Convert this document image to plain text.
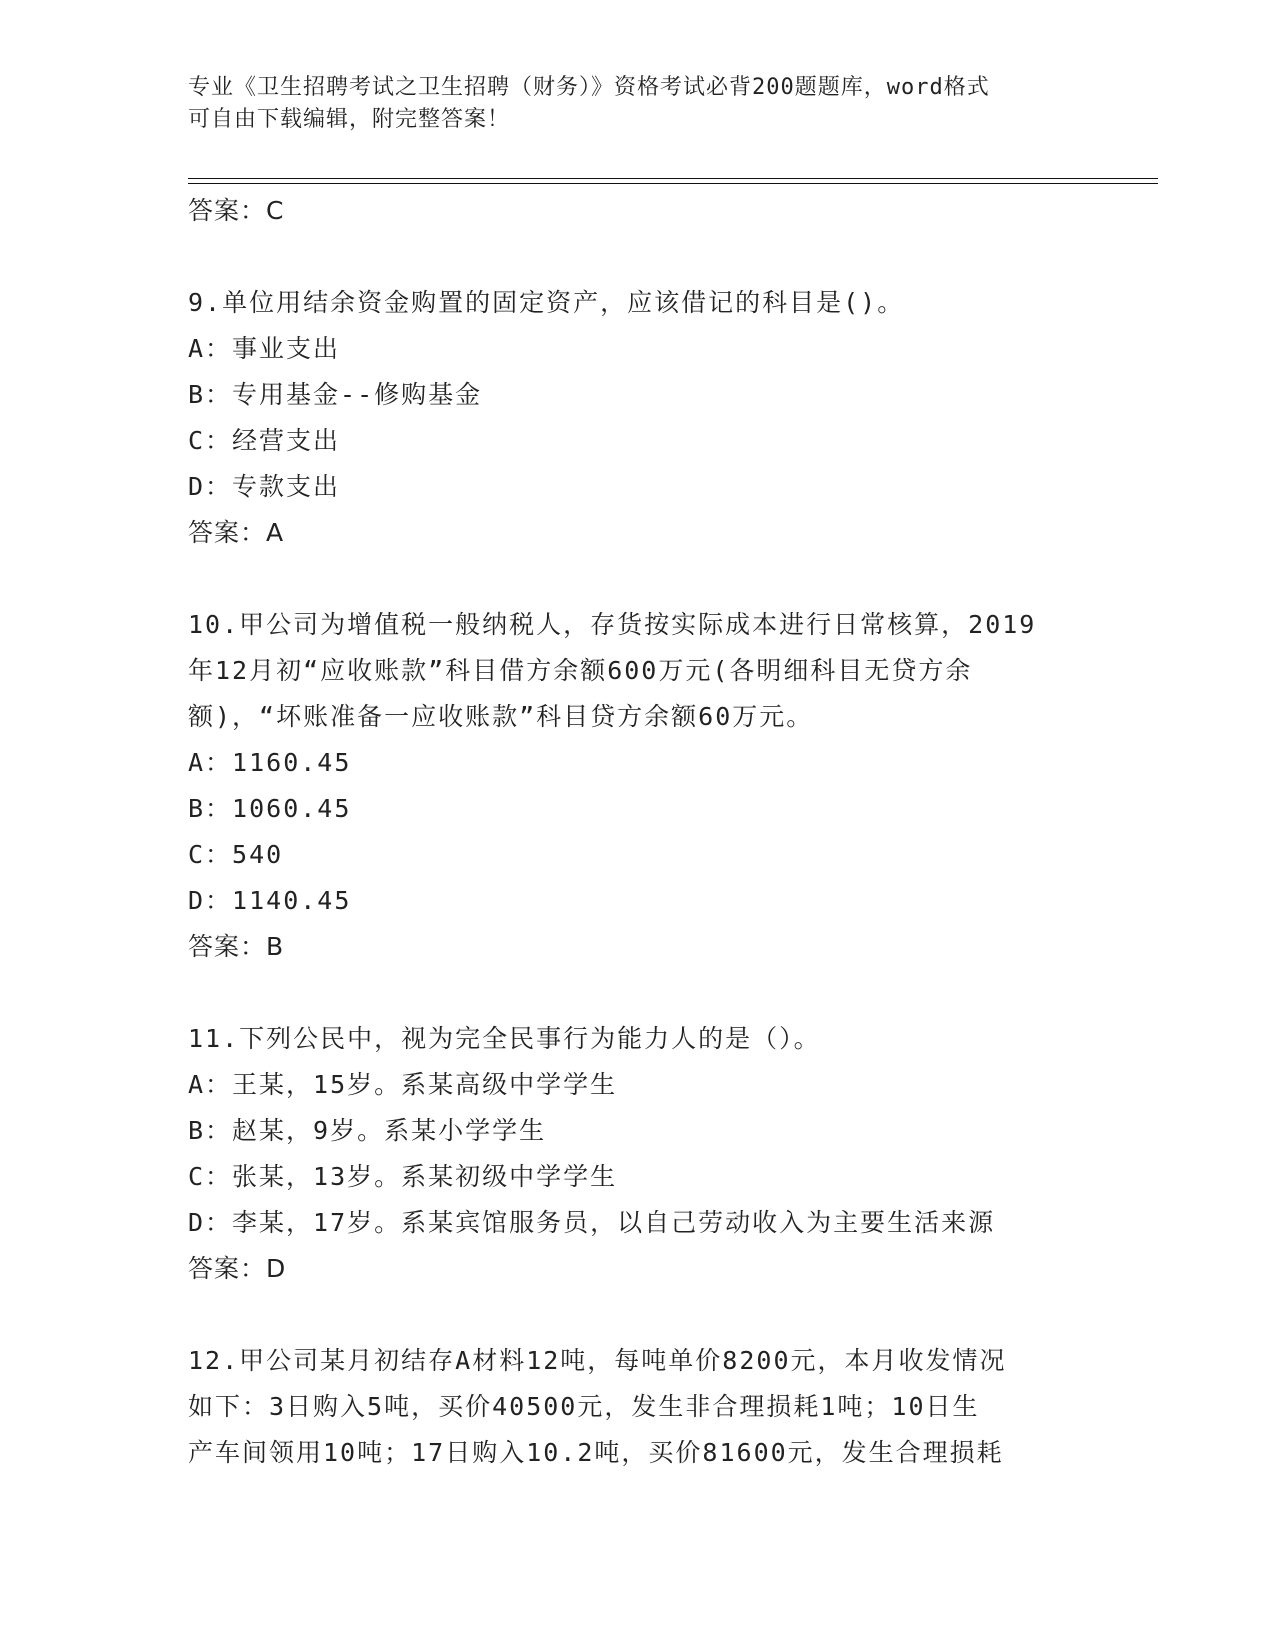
专业《卫生招聘考试之卫生招聘（财务）》资格考试必背200题题库，word格式
可自由下载编辑，附完整答案！
答案：C
9.单位用结余资金购置的固定资产，应该借记的科目是()。
A：事业支出
B：专用基金--修购基金
C：经营支出
D：专款支出
答案：A
10.甲公司为增值税一般纳税人，存货按实际成本进行日常核算，2019
年12月初“应收账款”科目借方余额600万元(各明细科目无贷方余
额)，“坏账准备一应收账款”科目贷方余额60万元。
A：1160.45
B：1060.45
C：540
D：1140.45
答案：B
11.下列公民中，视为完全民事行为能力人的是（）。
A：王某，15岁。系某高级中学学生
B：赵某，9岁。系某小学学生
C：张某，13岁。系某初级中学学生
D：李某，17岁。系某宾馆服务员，以自己劳动收入为主要生活来源
答案：D
12.甲公司某月初结存A材料12吨，每吨单价8200元，本月收发情况
如下：3日购入5吨，买价40500元，发生非合理损耗1吨；10日生
产车间领用10吨；17日购入10.2吨，买价81600元，发生合理损耗
